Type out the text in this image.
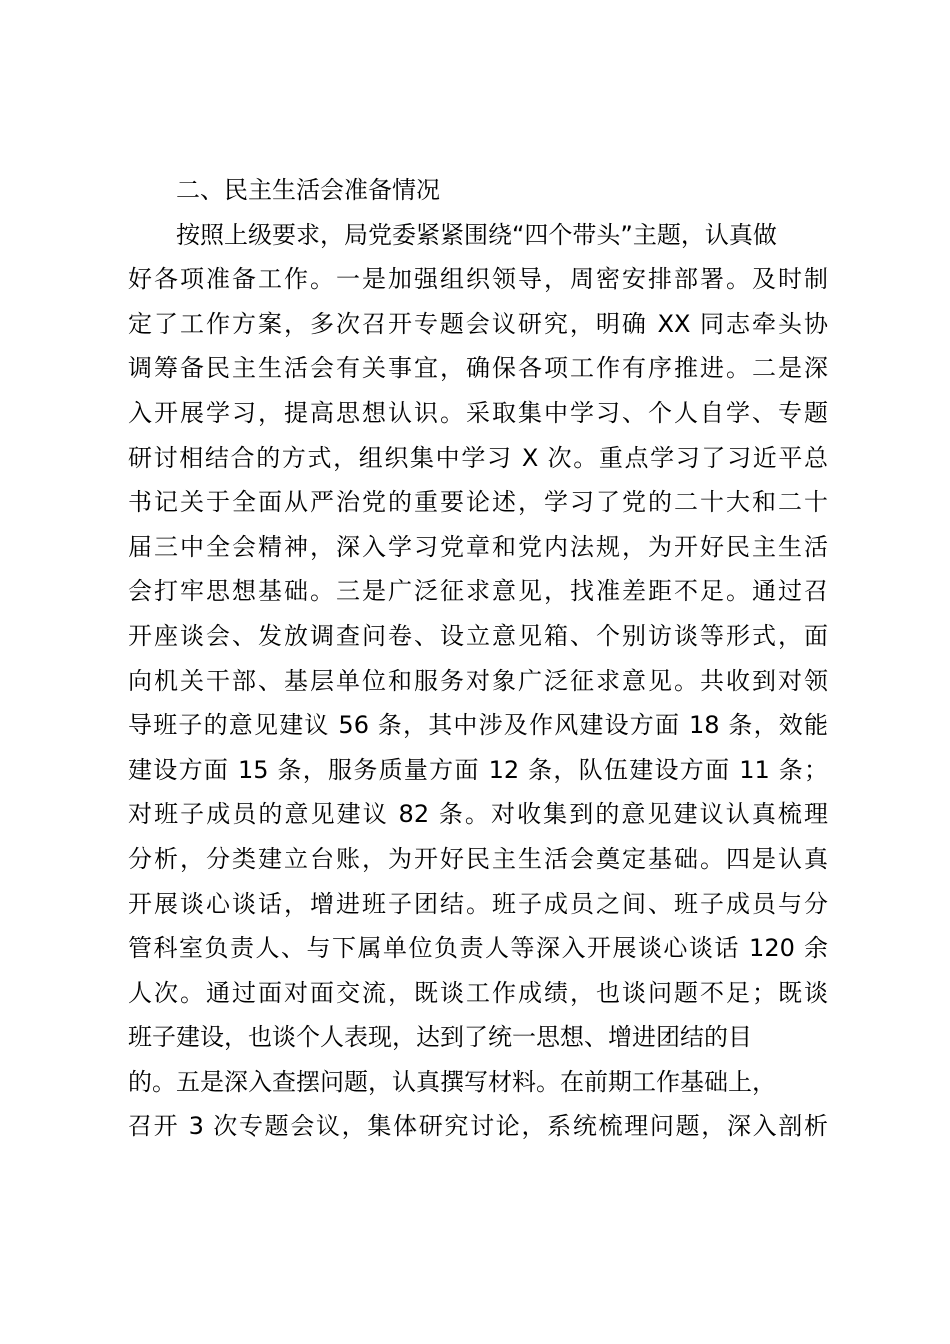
二、民主生活会准备情况
按照上级要求，局党委紧紧围绕“四个带头”主题，认真做
好各项准备工作。一是加强组织领导，周密安排部署。及时制
定了工作方案，多次召开专题会议研究，明确 XX 同志牵头协
调筹备民主生活会有关事宜，确保各项工作有序推进。二是深
入开展学习，提高思想认识。采取集中学习、个人自学、专题
研讨相结合的方式，组织集中学习 X 次。重点学习了习近平总
书记关于全面从严治党的重要论述，学习了党的二十大和二十
届三中全会精神，深入学习党章和党内法规，为开好民主生活
会打牢思想基础。三是广泛征求意见，找准差距不足。通过召
开座谈会、发放调查问卷、设立意见箱、个别访谈等形式，面
向机关干部、基层单位和服务对象广泛征求意见。共收到对领
导班子的意见建议 56 条，其中涉及作风建设方面 18 条，效能
建设方面 15 条，服务质量方面 12 条，队伍建设方面 11 条；
对班子成员的意见建议 82 条。对收集到的意见建议认真梳理
分析，分类建立台账，为开好民主生活会奠定基础。四是认真
开展谈心谈话，增进班子团结。班子成员之间、班子成员与分
管科室负责人、与下属单位负责人等深入开展谈心谈话 120 余
人次。通过面对面交流，既谈工作成绩，也谈问题不足；既谈
班子建设，也谈个人表现，达到了统一思想、增进团结的目
的。五是深入查摆问题，认真撰写材料。在前期工作基础上，
召开 3 次专题会议，集体研究讨论，系统梳理问题，深入剖析
